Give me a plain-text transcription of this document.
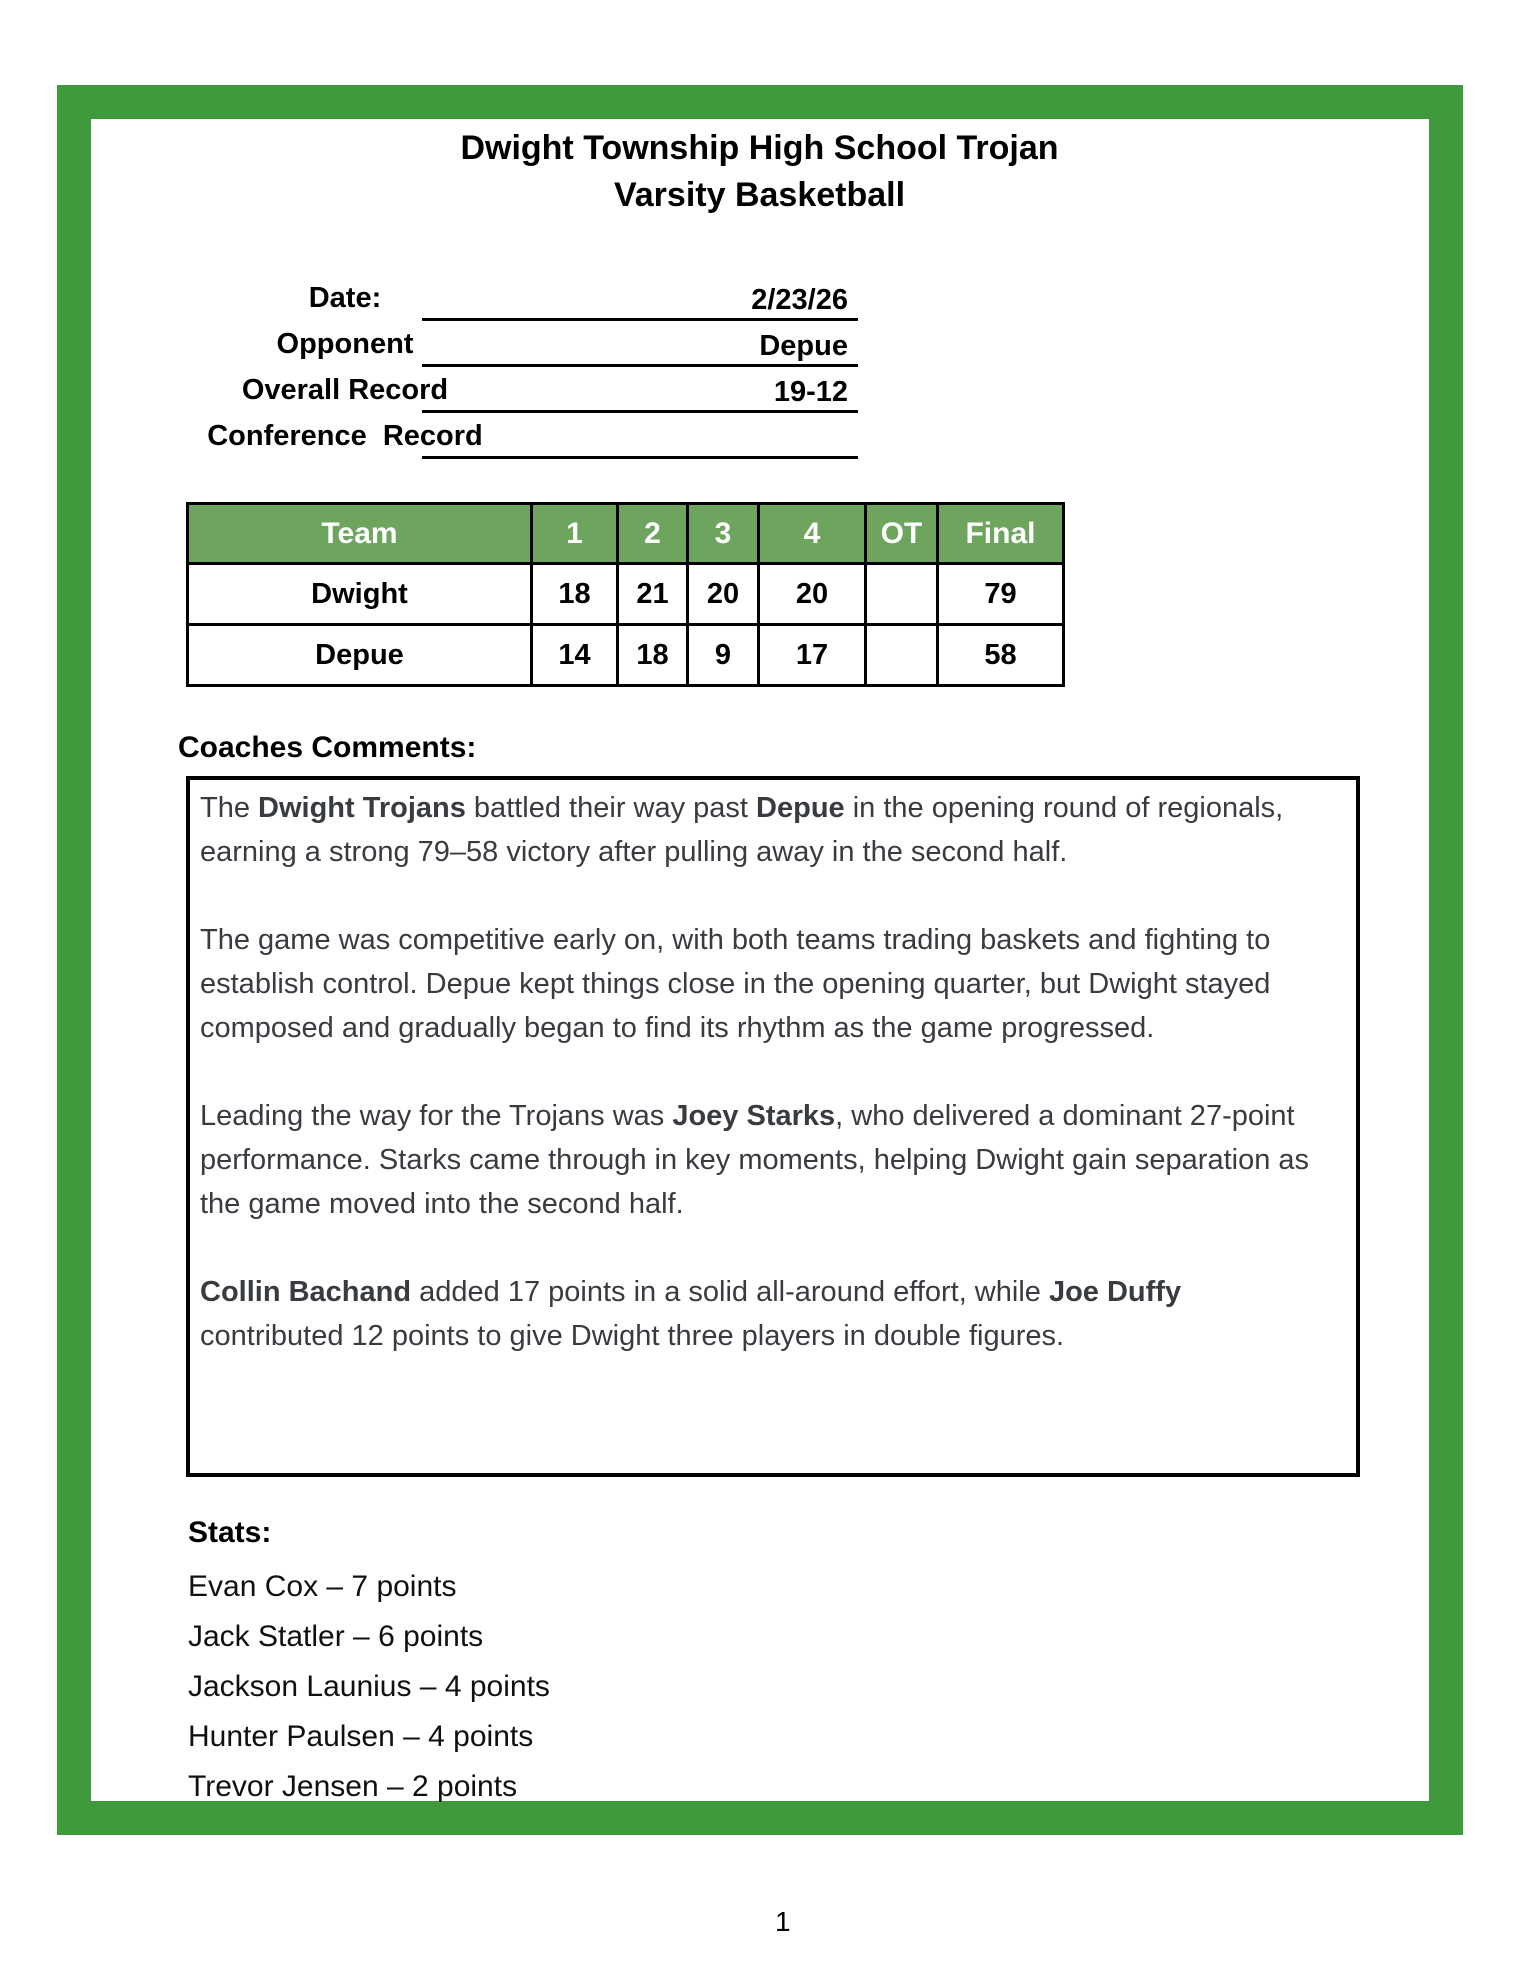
Dwight Township High School Trojan
Varsity Basketball
Date:	2/23/26
Opponent	Depue
Overall Record	19-12
Conference  Record
Team	1	2	3	4	OT	Final
Dwight	18	21	20	20		79
Depue	14	18	9	17		58
Coaches Comments:

The Dwight Trojans battled their way past Depue in the opening round of regionals, earning a strong 79–58 victory after pulling away in the second half.

The game was competitive early on, with both teams trading baskets and fighting to establish control. Depue kept things close in the opening quarter, but Dwight stayed composed and gradually began to find its rhythm as the game progressed.

Leading the way for the Trojans was Joey Starks, who delivered a dominant 27-point performance. Starks came through in key moments, helping Dwight gain separation as the game moved into the second half.

Collin Bachand added 17 points in a solid all-around effort, while Joe Duffy contributed 12 points to give Dwight three players in double figures.

Stats:
Evan Cox – 7 points
Jack Statler – 6 points
Jackson Launius – 4 points
Hunter Paulsen – 4 points
Trevor Jensen – 2 points
1
